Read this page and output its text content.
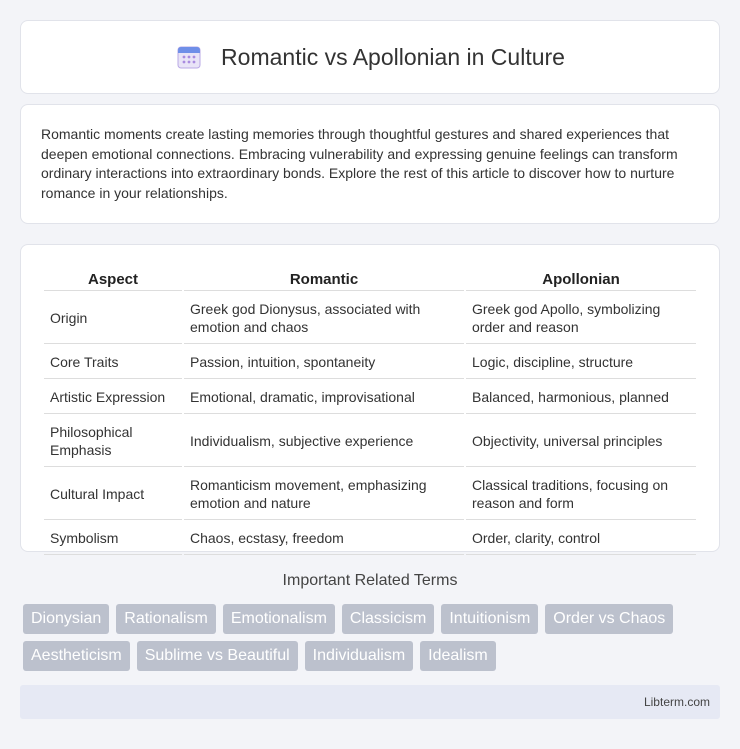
Romantic vs Apollonian in Culture

Romantic moments create lasting memories through thoughtful gestures and shared experiences that deepen emotional connections. Embracing vulnerability and expressing genuine feelings can transform ordinary interactions into extraordinary bonds. Explore the rest of this article to discover how to nurture romance in your relationships.

Aspect	Romantic	Apollonian
Origin	Greek god Dionysus, associated with emotion and chaos	Greek god Apollo, symbolizing order and reason
Core Traits	Passion, intuition, spontaneity	Logic, discipline, structure
Artistic Expression	Emotional, dramatic, improvisational	Balanced, harmonious, planned
Philosophical Emphasis	Individualism, subjective experience	Objectivity, universal principles
Cultural Impact	Romanticism movement, emphasizing emotion and nature	Classical traditions, focusing on reason and form
Symbolism	Chaos, ecstasy, freedom	Order, clarity, control
Important Related Terms
Dionysian	Rationalism	Emotionalism	Classicism	Intuitionism	Order vs Chaos
Aestheticism	Sublime vs Beautiful	Individualism	Idealism
Libterm.com
